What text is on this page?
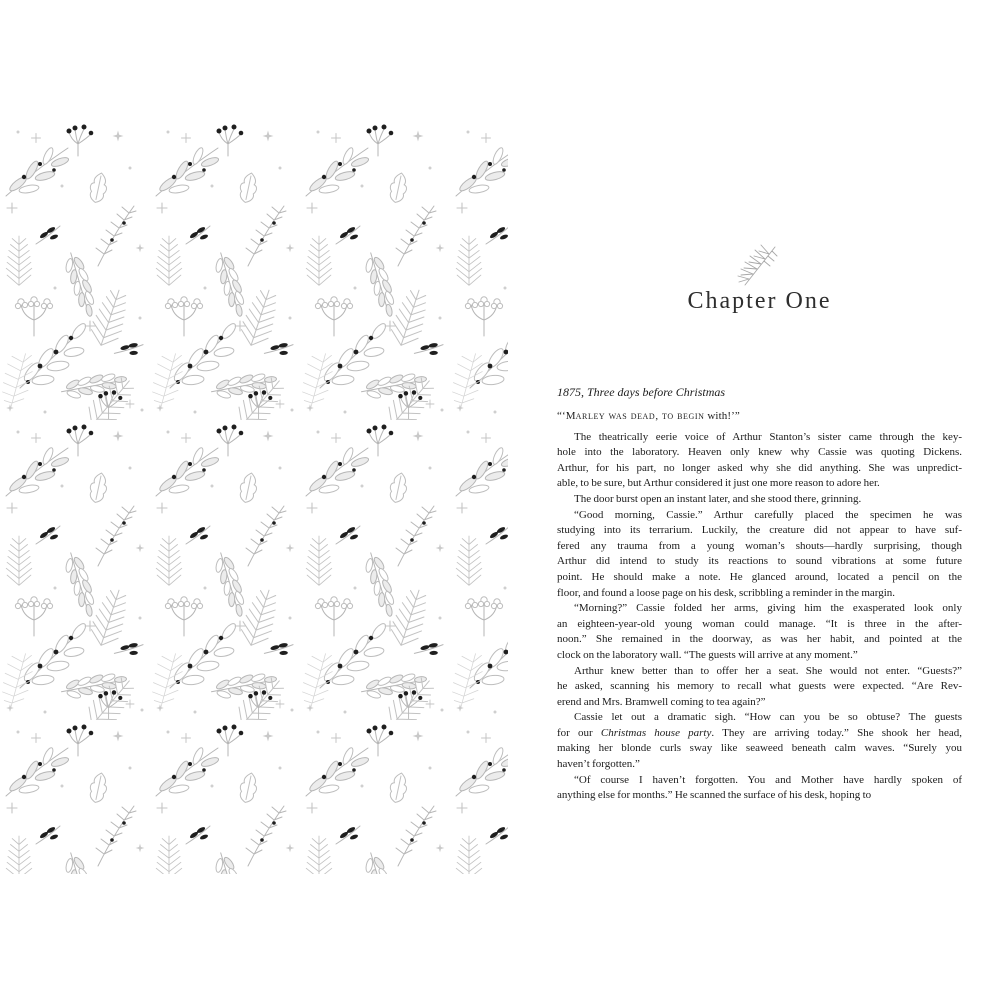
Chapter One
1875, Three days before Christmas
“‘Marley was dead, to begin with!’”
The theatrically eerie voice of Arthur Stanton’s sister came through the key-
hole into the laboratory. Heaven only knew why Cassie was quoting Dickens.
Arthur, for his part, no longer asked why she did anything. She was unpredict-
able, to be sure, but Arthur considered it just one more reason to adore her.
The door burst open an instant later, and she stood there, grinning.
“Good morning, Cassie.” Arthur carefully placed the specimen he was
studying into its terrarium. Luckily, the creature did not appear to have suf-
fered any trauma from a young woman’s shouts—hardly surprising, though
Arthur did intend to study its reactions to sound vibrations at some future
point. He should make a note. He glanced around, located a pencil on the
floor, and found a loose page on his desk, scribbling a reminder in the margin.
“Morning?” Cassie folded her arms, giving him the exasperated look only
an eighteen-year-old young woman could manage. “It is three in the after-
noon.” She remained in the doorway, as was her habit, and pointed at the
clock on the laboratory wall. “The guests will arrive at any moment.”
Arthur knew better than to offer her a seat. She would not enter. “Guests?”
he asked, scanning his memory to recall what guests were expected. “Are Rev-
erend and Mrs. Bramwell coming to tea again?”
Cassie let out a dramatic sigh. “How can you be so obtuse? The guests
for our Christmas house party. They are arriving today.” She shook her head,
making her blonde curls sway like seaweed beneath calm waves. “Surely you
haven’t forgotten.”
“Of course I haven’t forgotten. You and Mother have hardly spoken of
anything else for months.” He scanned the surface of his desk, hoping to
